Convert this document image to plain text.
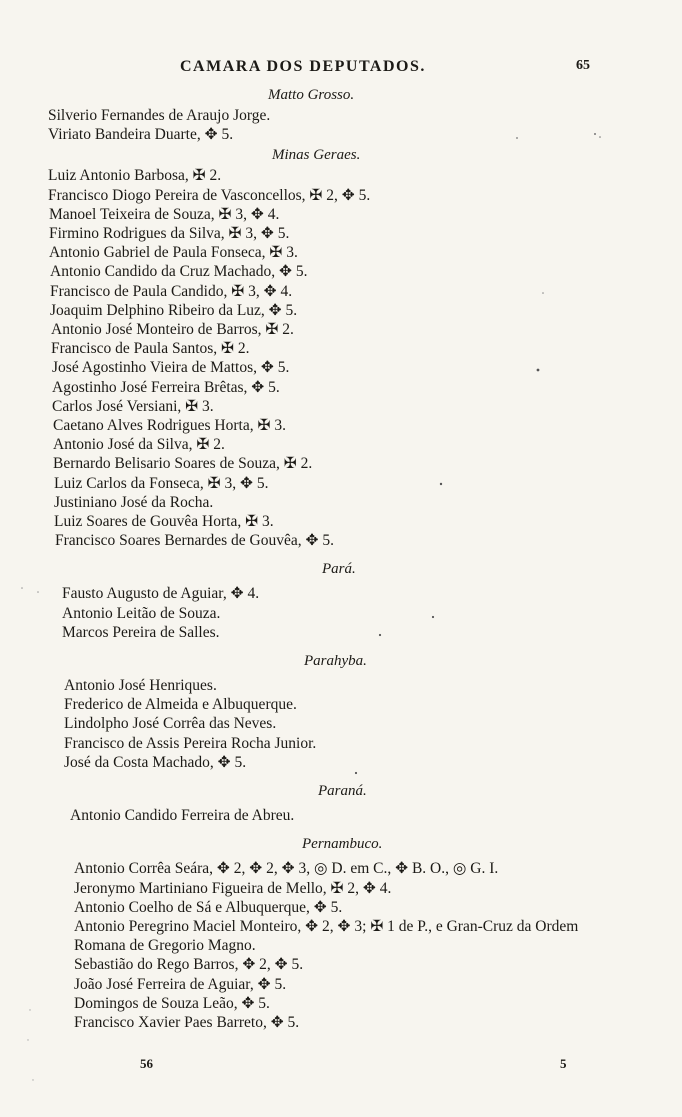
CAMARA DOS DEPUTADOS.	65
Matto Grosso.
Silverio Fernandes de Araujo Jorge.
Viriato Bandeira Duarte, ✥ 5.
Minas Geraes.
Luiz Antonio Barbosa, ✠ 2.
Francisco Diogo Pereira de Vasconcellos, ✠ 2, ✥ 5.
Manoel Teixeira de Souza, ✠ 3, ✥ 4.
Firmino Rodrigues da Silva, ✠ 3, ✥ 5.
Antonio Gabriel de Paula Fonseca, ✠ 3.
Antonio Candido da Cruz Machado, ✥ 5.
Francisco de Paula Candido, ✠ 3, ✥ 4.
Joaquim Delphino Ribeiro da Luz, ✥ 5.
Antonio José Monteiro de Barros, ✠ 2.
Francisco de Paula Santos, ✠ 2.
José Agostinho Vieira de Mattos, ✥ 5.
Agostinho José Ferreira Brêtas, ✥ 5.
Carlos José Versiani, ✠ 3.
Caetano Alves Rodrigues Horta, ✠ 3.
Antonio José da Silva, ✠ 2.
Bernardo Belisario Soares de Souza, ✠ 2.
Luiz Carlos da Fonseca, ✠ 3, ✥ 5.
Justiniano José da Rocha.
Luiz Soares de Gouvêa Horta, ✠ 3.
Francisco Soares Bernardes de Gouvêa, ✥ 5.
Pará.
Fausto Augusto de Aguiar, ✥ 4.
Antonio Leitão de Souza.
Marcos Pereira de Salles.
Parahyba.
Antonio José Henriques.
Frederico de Almeida e Albuquerque.
Lindolpho José Corrêa das Neves.
Francisco de Assis Pereira Rocha Junior.
José da Costa Machado, ✥ 5.
Paraná.
Antonio Candido Ferreira de Abreu.
Pernambuco.
Antonio Corrêa Seára, ✥ 2, ✥ 2, ✥ 3, ◎ D. em C., ✥ B. O., ◎ G. I.
Jeronymo Martiniano Figueira de Mello, ✠ 2, ✥ 4.
Antonio Coelho de Sá e Albuquerque, ✥ 5.
Antonio Peregrino Maciel Monteiro, ✥ 2, ✥ 3; ✠ 1 de P., e Gran-Cruz da Ordem Romana de Gregorio Magno.
Sebastião do Rego Barros, ✥ 2, ✥ 5.
João José Ferreira de Aguiar, ✥ 5.
Domingos de Souza Leão, ✥ 5.
Francisco Xavier Paes Barreto, ✥ 5.
56	5
